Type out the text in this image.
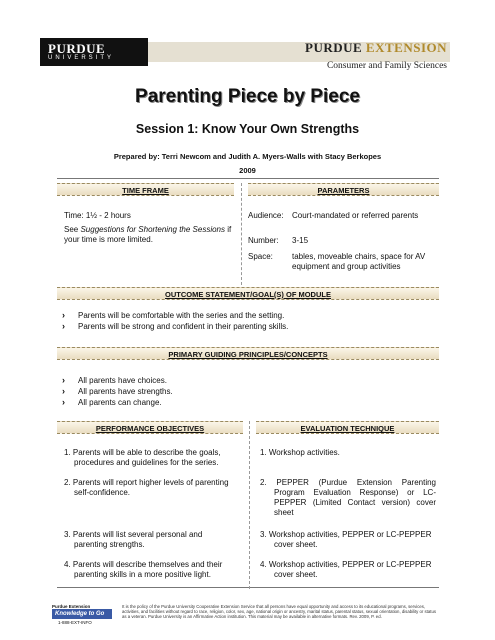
PURDUE
UNIVERSITY
PURDUE EXTENSION
Consumer and Family Sciences
Parenting Piece by Piece
Session 1: Know Your Own Strengths
Prepared by: Terri Newcom and Judith A. Myers-Walls with Stacy Berkopes
2009
TIME FRAME	PARAMETERS
Time: 1½ - 2 hours
See Suggestions for Shortening the Sessions if your time is more limited.
Audience: Court-mandated or referred parents
Number: 3-15
Space: tables, moveable chairs, space for AV equipment and group activities
OUTCOME STATEMENT/GOAL(S) OF MODULE
› Parents will be comfortable with the series and the setting.
› Parents will be strong and confident in their parenting skills.
PRIMARY GUIDING PRINCIPLES/CONCEPTS
› All parents have choices.
› All parents have strengths.
› All parents can change.
PERFORMANCE OBJECTIVES	EVALUATION TECHNIQUE
1. Parents will be able to describe the goals, procedures and guidelines for the series.
2. Parents will report higher levels of parenting self-confidence.
3. Parents will list several personal and parenting strengths.
4. Parents will describe themselves and their parenting skills in a more positive light.
1. Workshop activities.
2. PEPPER (Purdue Extension Parenting Program Evaluation Response) or LC-PEPPER (Limited Contact version) cover sheet
3. Workshop activities, PEPPER or LC-PEPPER cover sheet.
4. Workshop activities, PEPPER or LC-PEPPER cover sheet.
Purdue Extension
Knowledge to Go
1-888-EXT-INFO
It is the policy of the Purdue University Cooperative Extension Service that all persons have equal opportunity and access to its educational programs, services, activities, and facilities without regard to race, religion, color, sex, age, national origin or ancestry, marital status, parental status, sexual orientation, disability or status as a veteran. Purdue University is an Affirmative Action institution. This material may be available in alternative formats. Rev. 2009, P. ed.
